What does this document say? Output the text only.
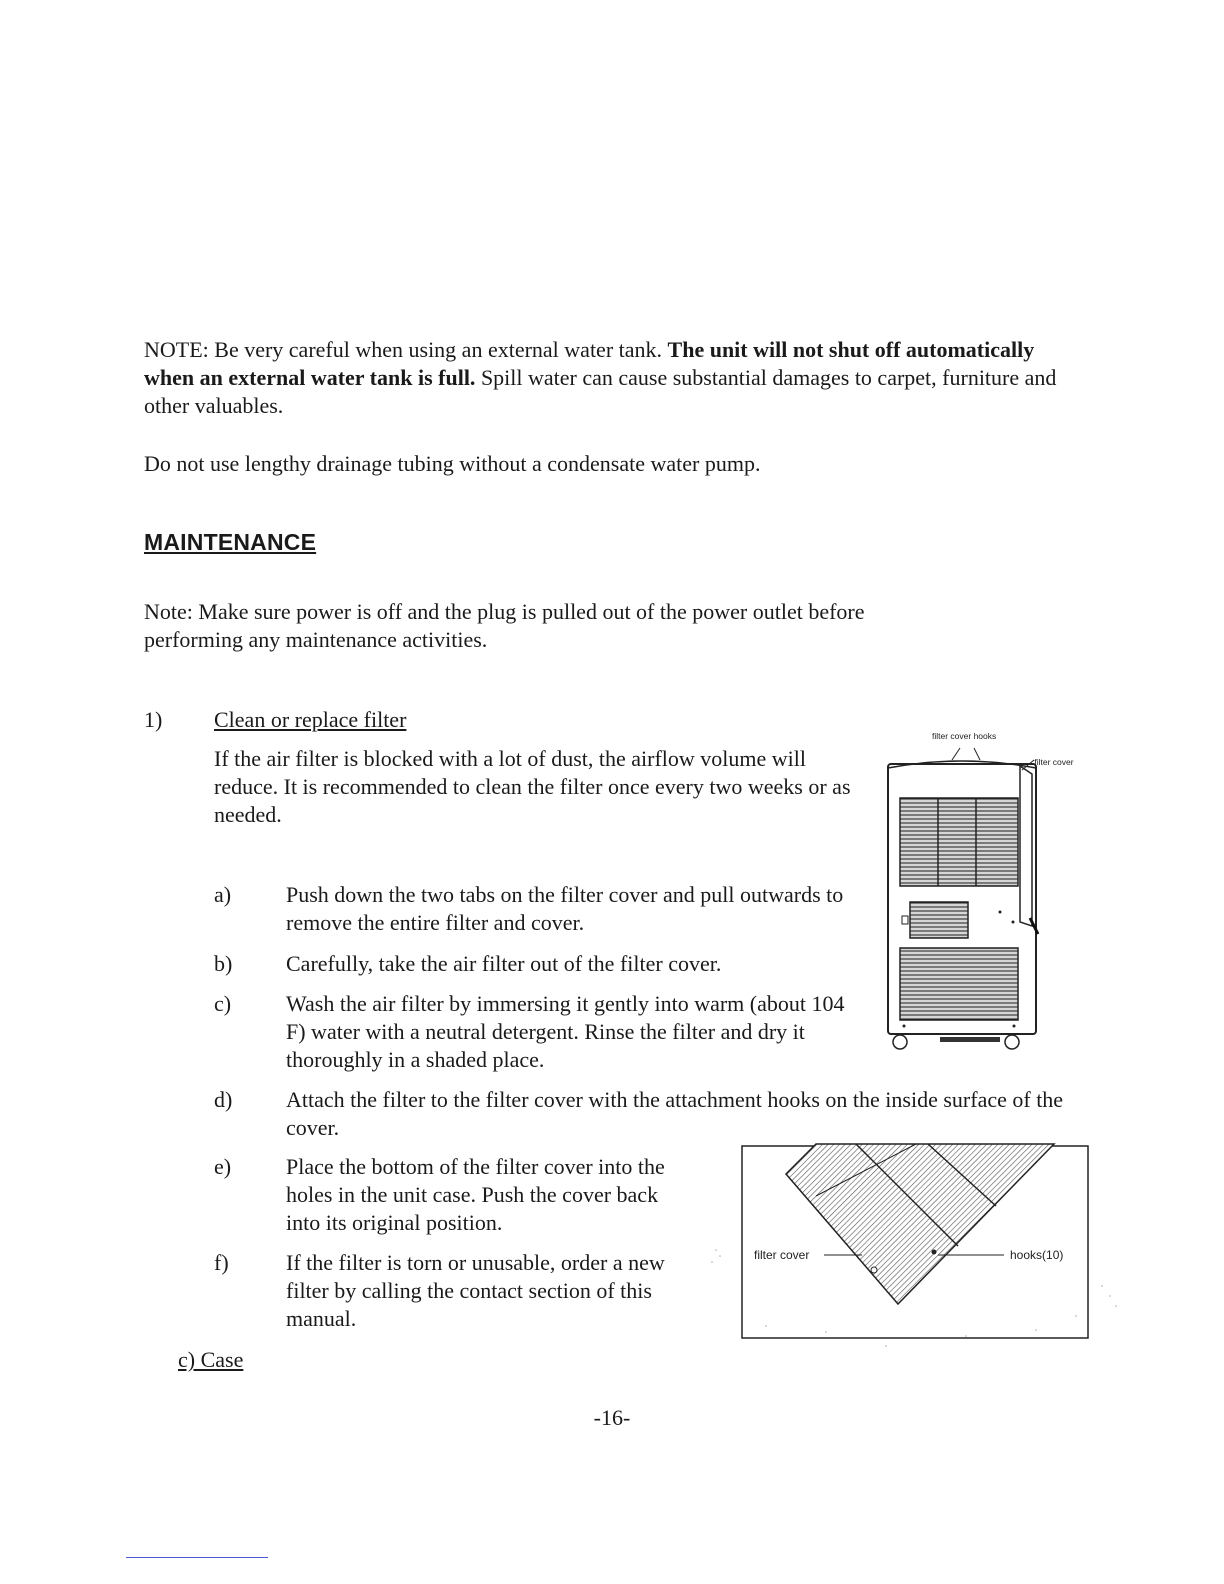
NOTE: Be very careful when using an external water tank. The unit will not shut off automatically when an external water tank is full. Spill water can cause substantial damages to carpet, furniture and other valuables.

Do not use lengthy drainage tubing without a condensate water pump.

MAINTENANCE

Note: Make sure power is off and the plug is pulled out of the power outlet before performing any maintenance activities.

1) Clean or replace filter

If the air filter is blocked with a lot of dust, the airflow volume will reduce. It is recommended to clean the filter once every two weeks or as needed.

a)	Push down the two tabs on the filter cover and pull outwards to remove the entire filter and cover.

b)	Carefully, take the air filter out of the filter cover.

c)	Wash the air filter by immersing it gently into warm (about 104 F) water with a neutral detergent. Rinse the filter and dry it thoroughly in a shaded place.

d)	Attach the filter to the filter cover with the attachment hooks on the inside surface of the cover.

e)	Place the bottom of the filter cover into the holes in the unit case. Push the cover back into its original position.

f)	If the filter is torn or unusable, order a new filter by calling the contact section of this manual.

c) Case
filter cover hooks
.filter cover
filter cover	hooks(10)
-16-
